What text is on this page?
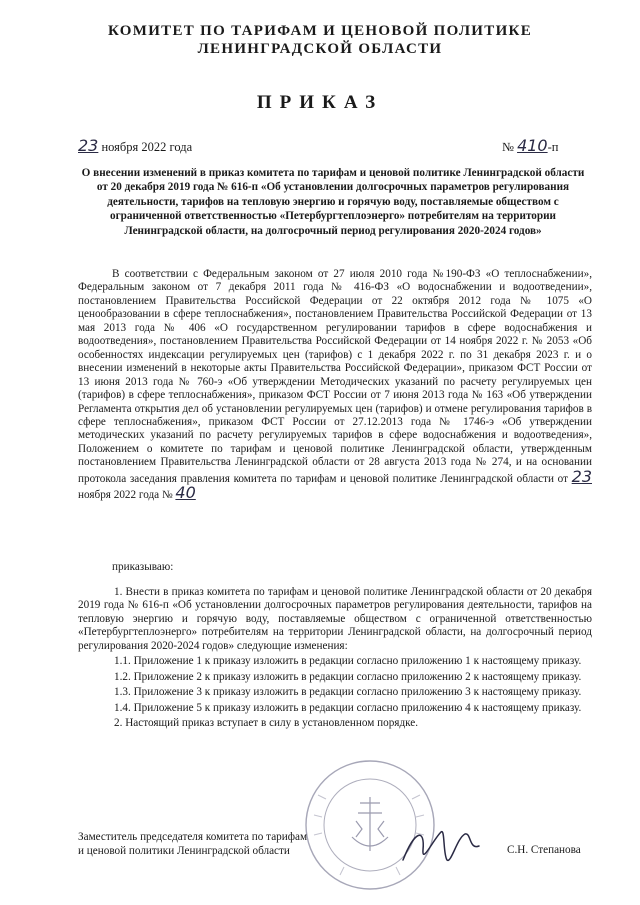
КОМИТЕТ ПО ТАРИФАМ И ЦЕНОВОЙ ПОЛИТИКЕ
ЛЕНИНГРАДСКОЙ ОБЛАСТИ
ПРИКАЗ
23 ноября 2022 года	№ 410-п
О внесении изменений в приказ комитета по тарифам и ценовой политике Ленинградской области от 20 декабря 2019 года № 616-п «Об установлении долгосрочных параметров регулирования деятельности, тарифов на тепловую энергию и горячую воду, поставляемые обществом с ограниченной ответственностью «Петербургтеплоэнерго» потребителям на территории Ленинградской области, на долгосрочный период регулирования 2020-2024 годов»

В соответствии с Федеральным законом от 27 июля 2010 года №190-ФЗ «О теплоснабжении», Федеральным законом от 7 декабря 2011 года № 416-ФЗ «О водоснабжении и водоотведении», постановлением Правительства Российской Федерации от 22 октября 2012 года № 1075 «О ценообразовании в сфере теплоснабжения», постановлением Правительства Российской Федерации от 13 мая 2013 года № 406 «О государственном регулировании тарифов в сфере водоснабжения и водоотведения», постановлением Правительства Российской Федерации от 14 ноября 2022 г. № 2053 «Об особенностях индексации регулируемых цен (тарифов) с 1 декабря 2022 г. по 31 декабря 2023 г. и о внесении изменений в некоторые акты Правительства Российской Федерации», приказом ФСТ России от 13 июня 2013 года № 760-э «Об утверждении Методических указаний по расчету регулируемых цен (тарифов) в сфере теплоснабжения», приказом ФСТ России от 7 июня 2013 года № 163 «Об утверждении Регламента открытия дел об установлении регулируемых цен (тарифов) и отмене регулирования тарифов в сфере теплоснабжения», приказом ФСТ России от 27.12.2013 года № 1746-э «Об утверждении методических указаний по расчету регулируемых тарифов в сфере водоснабжения и водоотведения», Положением о комитете по тарифам и ценовой политике Ленинградской области, утвержденным постановлением Правительства Ленинградской области от 28 августа 2013 года № 274, и на основании протокола заседания правления комитета по тарифам и ценовой политике Ленинградской области от 23 ноября 2022 года № 40

приказываю:

1. Внести в приказ комитета по тарифам и ценовой политике Ленинградской области от 20 декабря 2019 года № 616-п «Об установлении долгосрочных параметров регулирования деятельности, тарифов на тепловую энергию и горячую воду, поставляемые обществом с ограниченной ответственностью «Петербургтеплоэнерго» потребителям на территории Ленинградской области, на долгосрочный период регулирования 2020-2024 годов» следующие изменения:

1.1. Приложение 1 к приказу изложить в редакции согласно приложению 1 к настоящему приказу.

1.2. Приложение 2 к приказу изложить в редакции согласно приложению 2 к настоящему приказу.

1.3. Приложение 3 к приказу изложить в редакции согласно приложению 3 к настоящему приказу.

1.4. Приложение 5 к приказу изложить в редакции согласно приложению 4 к настоящему приказу.

2. Настоящий приказ вступает в силу в установленном порядке.

Заместитель председателя комитета по тарифам
и ценовой политики Ленинградской области	С.Н. Степанова
